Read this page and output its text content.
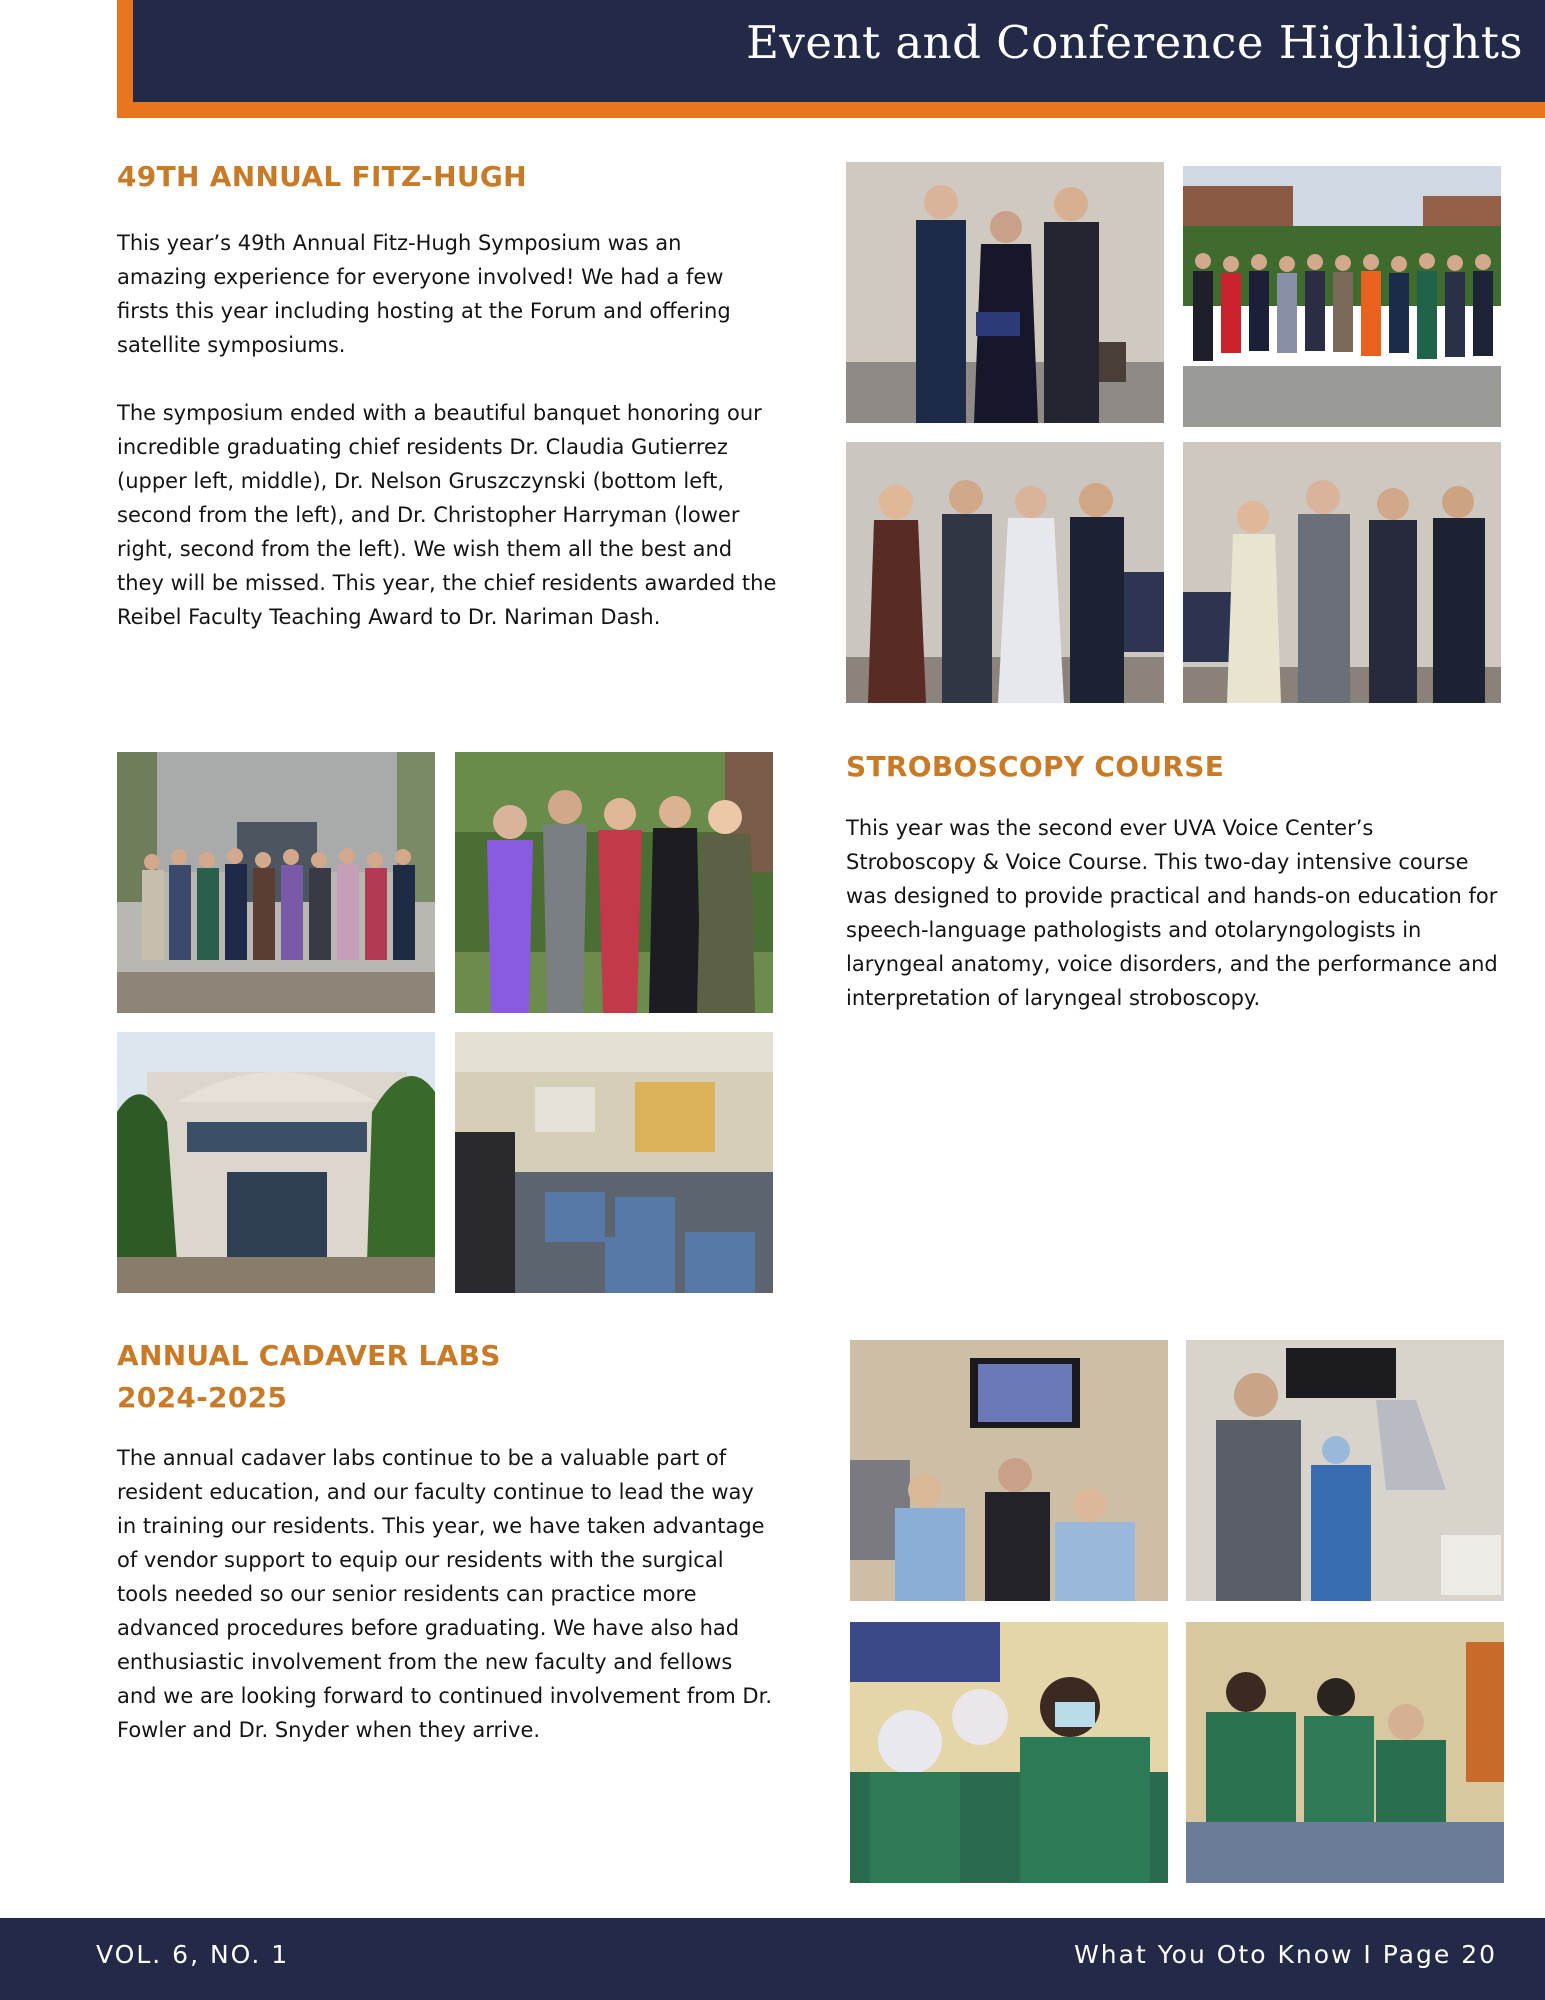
Event and Conference Highlights
49TH ANNUAL FITZ-HUGH

This year’s 49th Annual Fitz-Hugh Symposium was an amazing experience for everyone involved! We had a few firsts this year including hosting at the Forum and offering satellite symposiums.

The symposium ended with a beautiful banquet honoring our incredible graduating chief residents Dr. Claudia Gutierrez (upper left, middle), Dr. Nelson Gruszczynski (bottom left, second from the left), and Dr. Christopher Harryman (lower right, second from the left). We wish them all the best and they will be missed. This year, the chief residents awarded the Reibel Faculty Teaching Award to Dr. Nariman Dash.

STROBOSCOPY COURSE

This year was the second ever UVA Voice Center’s Stroboscopy & Voice Course. This two-day intensive course was designed to provide practical and hands-on education for speech-language pathologists and otolaryngologists in laryngeal anatomy, voice disorders, and the performance and interpretation of laryngeal stroboscopy.

ANNUAL CADAVER LABS
2024-2025

The annual cadaver labs continue to be a valuable part of resident education, and our faculty continue to lead the way in training our residents. This year, we have taken advantage of vendor support to equip our residents with the surgical tools needed so our senior residents can practice more advanced procedures before graduating. We have also had enthusiastic involvement from the new faculty and fellows and we are looking forward to continued involvement from Dr. Fowler and Dr. Snyder when they arrive.

VOL. 6, NO. 1	What You Oto Know I Page 20
